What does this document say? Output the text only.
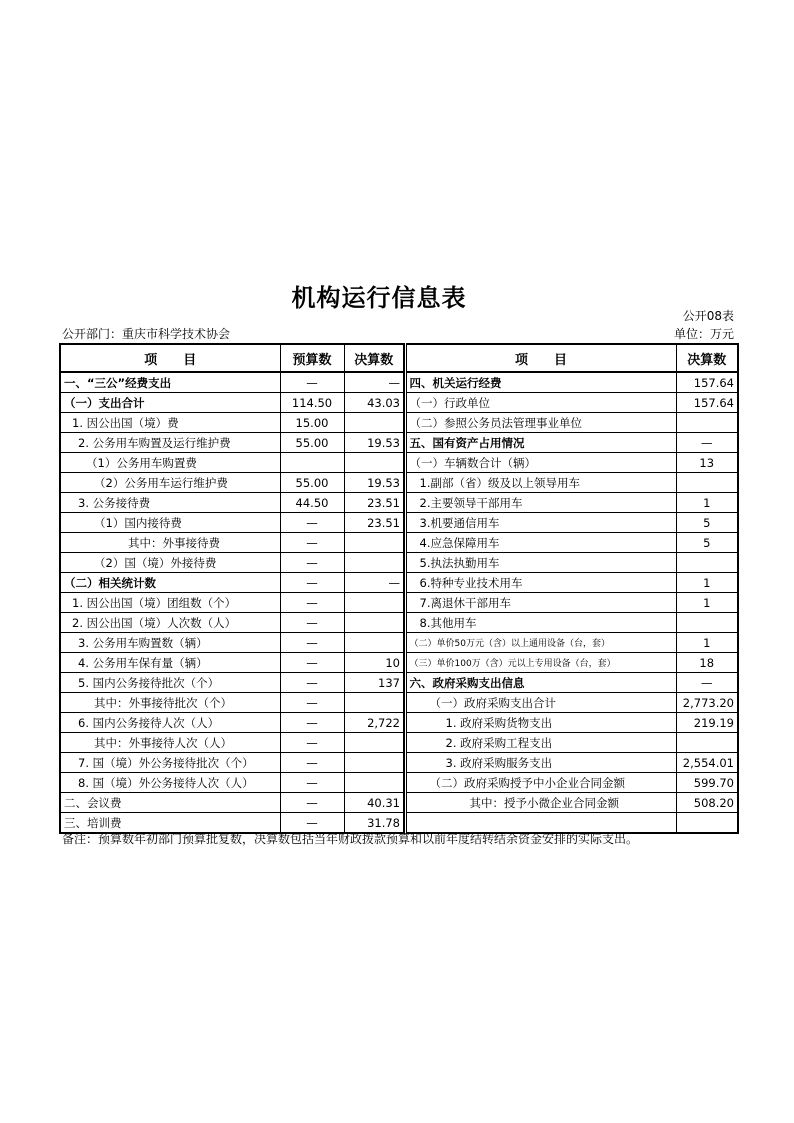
机构运行信息表
公开08表
公开部门：重庆市科学技术协会	单位：万元
项　　目	预算数	决算数		项　　目	决算数
一、“三公”经费支出	—	—		四、机关运行经费	157.64
（一）支出合计	114.50	43.03		（一）行政单位	157.64
1. 因公出国（境）费	15.00			（二）参照公务员法管理事业单位	
2. 公务用车购置及运行维护费	55.00	19.53		五、国有资产占用情况	—
（1）公务用车购置费				（一）车辆数合计（辆）	13
（2）公务用车运行维护费	55.00	19.53		1.副部（省）级及以上领导用车	
3. 公务接待费	44.50	23.51		2.主要领导干部用车	1
（1）国内接待费	—	23.51		3.机要通信用车	5
其中：外事接待费	—			4.应急保障用车	5
（2）国（境）外接待费	—			5.执法执勤用车	
（二）相关统计数	—	—		6.特种专业技术用车	1
1. 因公出国（境）团组数（个）	—			7.离退休干部用车	1
2. 因公出国（境）人次数（人）	—			8.其他用车	
3. 公务用车购置数（辆）	—			（二）单价50万元（含）以上通用设备（台，套）	1
4. 公务用车保有量（辆）	—	10		（三）单价100万（含）元以上专用设备（台，套）	18
5. 国内公务接待批次（个）	—	137		六、政府采购支出信息	—
其中：外事接待批次（个）	—			（一）政府采购支出合计	2,773.20
6. 国内公务接待人次（人）	—	2,722		1. 政府采购货物支出	219.19
其中：外事接待人次（人）	—			2. 政府采购工程支出	
7. 国（境）外公务接待批次（个）	—			3. 政府采购服务支出	2,554.01
8. 国（境）外公务接待人次（人）	—			（二）政府采购授予中小企业合同金额	599.70
二、会议费	—	40.31		其中：授予小微企业合同金额	508.20
三、培训费	—	31.78			
备注：预算数年初部门预算批复数，决算数包括当年财政拨款预算和以前年度结转结余资金安排的实际支出。
